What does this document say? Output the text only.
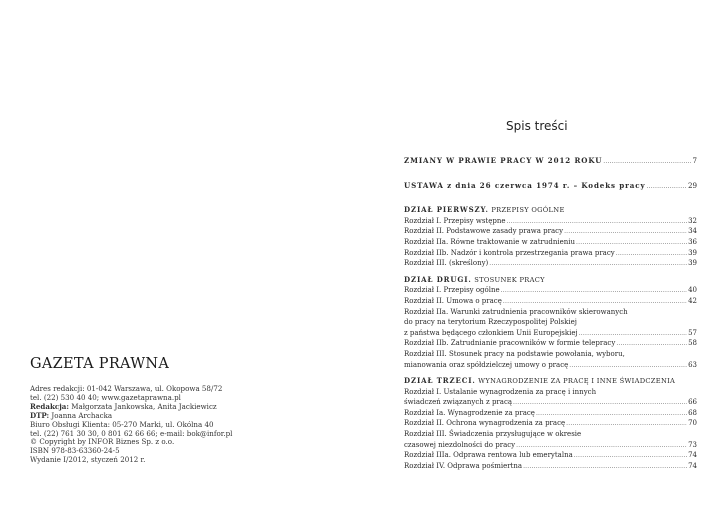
GAZETA PRAWNA
Adres redakcji: 01-042 Warszawa, ul. Okopowa 58/72
tel. (22) 530 40 40; www.gazetaprawna.pl
Redakcja: Małgorzata Jankowska, Anita Jackiewicz
DTP: Joanna Archacka
Biuro Obsługi Klienta: 05-270 Marki, ul. Okólna 40
tel. (22) 761 30 30, 0 801 62 66 66; e-mail: bok@infor.pl
© Copyright by INFOR Biznes Sp. z o.o.
ISBN 978-83-63360-24-5
Wydanie I/2012, styczeń 2012 r.
Spis treści
ZMIANY W PRAWIE PRACY W 2012 ROKU .....	7
USTAWA z dnia 26 czerwca 1974 r. – Kodeks pracy .....	29
DZIAŁ PIERWSZY. PRZEPISY OGÓLNE
Rozdział I. Przepisy wstępne .....	32
Rozdział II. Podstawowe zasady prawa pracy .....	34
Rozdział IIa. Równe traktowanie w zatrudnieniu .....	36
Rozdział IIb. Nadzór i kontrola przestrzegania prawa pracy .....	39
Rozdział III. (skreślony) .....	39
DZIAŁ DRUGI. STOSUNEK PRACY
Rozdział I. Przepisy ogólne .....	40
Rozdział II. Umowa o pracę .....	42
Rozdział IIa. Warunki zatrudnienia pracowników skierowanych
do pracy na terytorium Rzeczypospolitej Polskiej
z państwa będącego członkiem Unii Europejskiej .....	57
Rozdział IIb. Zatrudnianie pracowników w formie telepracy .....	58
Rozdział III. Stosunek pracy na podstawie powołania, wyboru,
mianowania oraz spółdzielczej umowy o pracę .....	63
DZIAŁ TRZECI. WYNAGRODZENIE ZA PRACĘ I INNE ŚWIADCZENIA
Rozdział I. Ustalanie wynagrodzenia za pracę i innych
świadczeń związanych z pracą .....	66
Rozdział Ia. Wynagrodzenie za pracę .....	68
Rozdział II. Ochrona wynagrodzenia za pracę .....	70
Rozdział III. Świadczenia przysługujące w okresie
czasowej niezdolności do pracy .....	73
Rozdział IIIa. Odprawa rentowa lub emerytalna .....	74
Rozdział IV. Odprawa pośmiertna .....	74
